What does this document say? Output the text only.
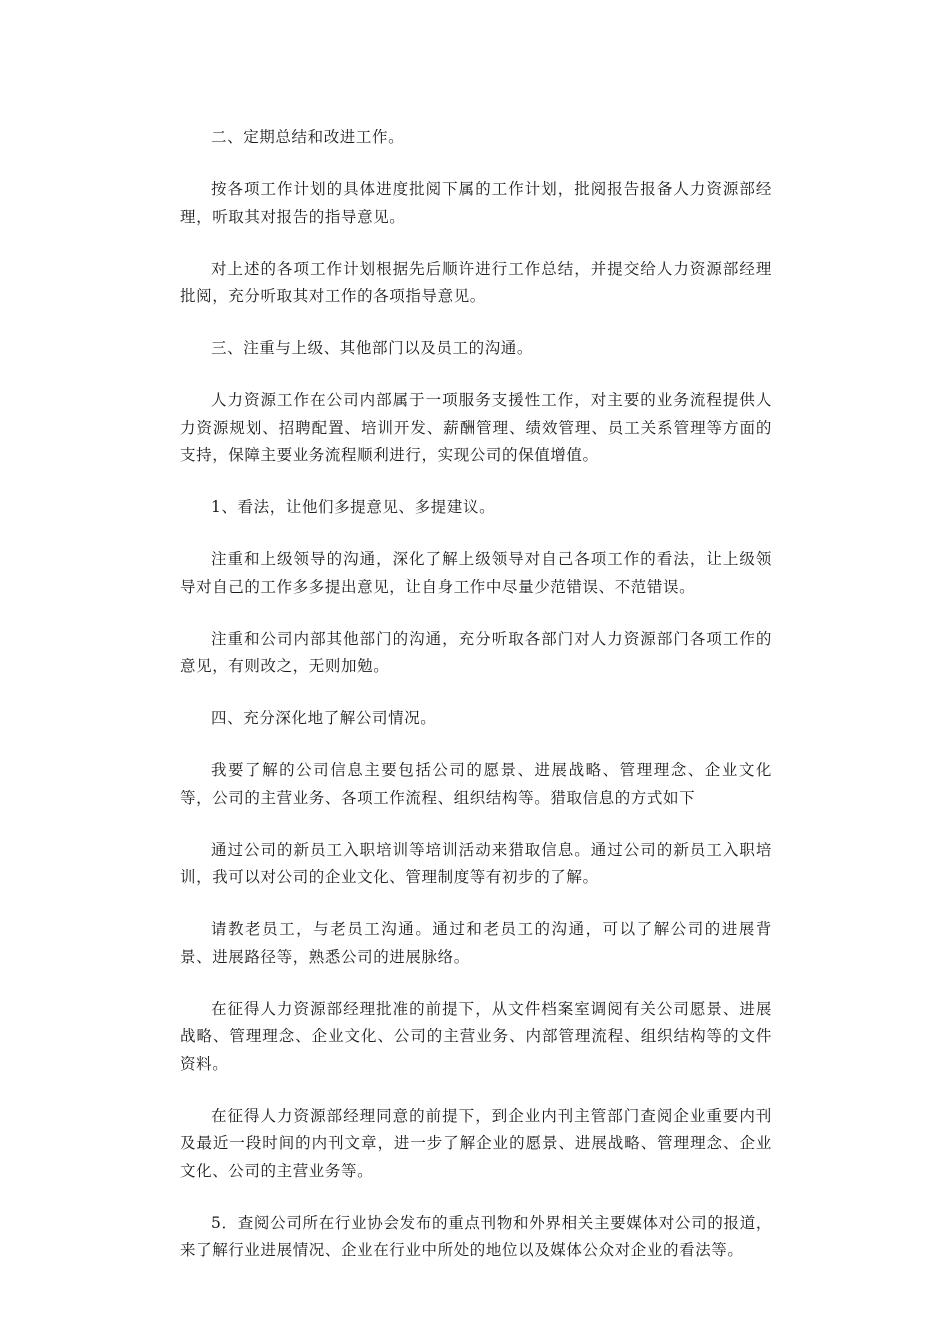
二、定期总结和改进工作。

按各项工作计划的具体进度批阅下属的工作计划，批阅报告报备人力资源部经理，听取其对报告的指导意见。

对上述的各项工作计划根据先后顺许进行工作总结，并提交给人力资源部经理批阅，充分听取其对工作的各项指导意见。

三、注重与上级、其他部门以及员工的沟通。

人力资源工作在公司内部属于一项服务支援性工作，对主要的业务流程提供人力资源规划、招聘配置、培训开发、薪酬管理、绩效管理、员工关系管理等方面的支持，保障主要业务流程顺利进行，实现公司的保值增值。

1、看法，让他们多提意见、多提建议。

注重和上级领导的沟通，深化了解上级领导对自己各项工作的看法，让上级领导对自己的工作多多提出意见，让自身工作中尽量少范错误、不范错误。

注重和公司内部其他部门的沟通，充分听取各部门对人力资源部门各项工作的意见，有则改之，无则加勉。

四、充分深化地了解公司情况。

我要了解的公司信息主要包括公司的愿景、进展战略、管理理念、企业文化等，公司的主营业务、各项工作流程、组织结构等。猎取信息的方式如下

通过公司的新员工入职培训等培训活动来猎取信息。通过公司的新员工入职培训，我可以对公司的企业文化、管理制度等有初步的了解。

请教老员工，与老员工沟通。通过和老员工的沟通，可以了解公司的进展背景、进展路径等，熟悉公司的进展脉络。

在征得人力资源部经理批准的前提下，从文件档案室调阅有关公司愿景、进展战略、管理理念、企业文化、公司的主营业务、内部管理流程、组织结构等的文件资料。

在征得人力资源部经理同意的前提下，到企业内刊主管部门查阅企业重要内刊及最近一段时间的内刊文章，进一步了解企业的愿景、进展战略、管理理念、企业文化、公司的主营业务等。

5．查阅公司所在行业协会发布的重点刊物和外界相关主要媒体对公司的报道，来了解行业进展情况、企业在行业中所处的地位以及媒体公众对企业的看法等。
